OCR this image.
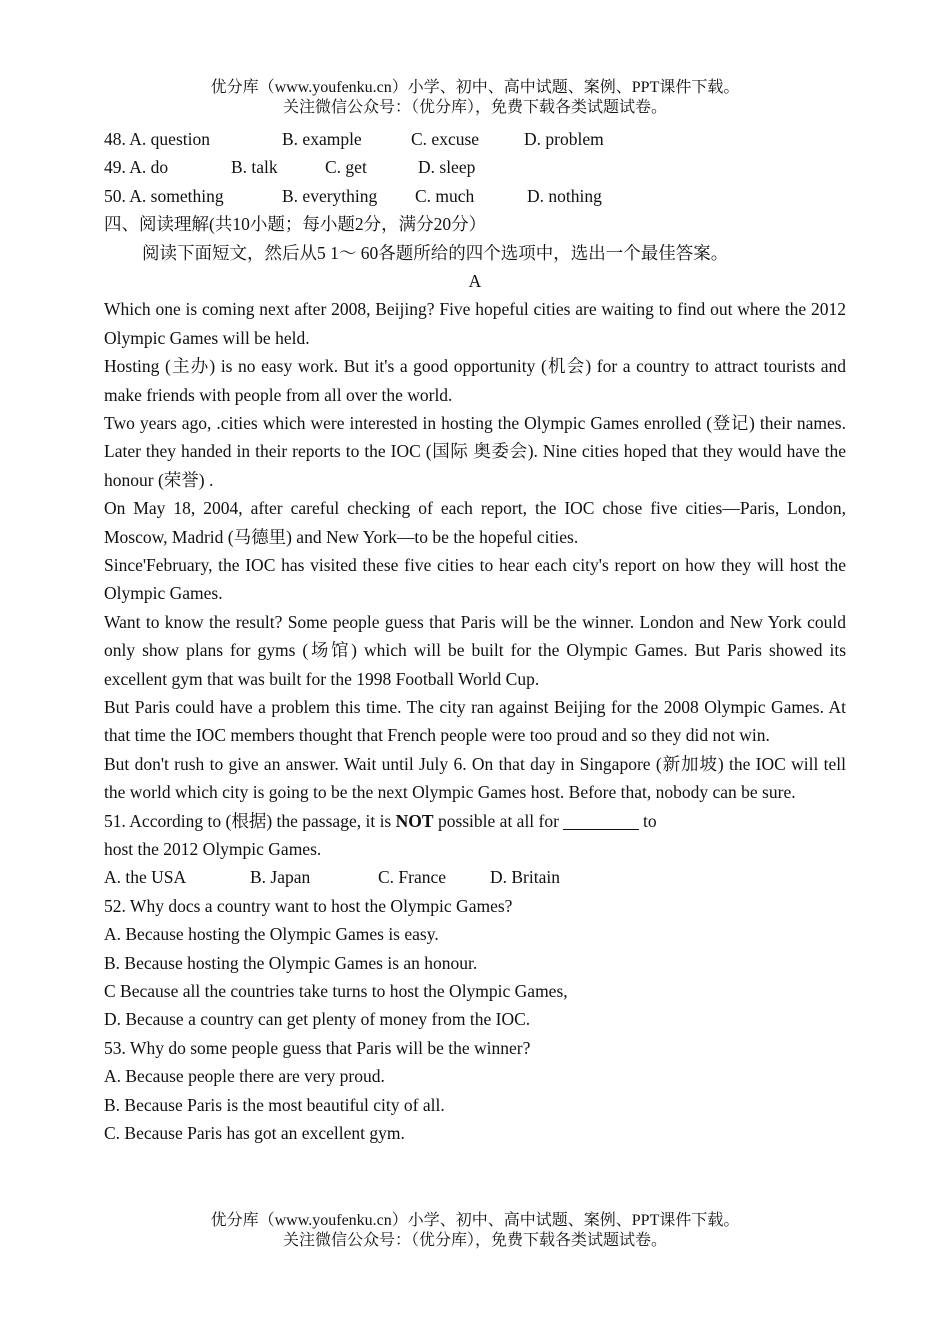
优分库（www.youfenku.cn）小学、初中、高中试题、案例、PPT课件下载。
关注微信公众号：（优分库），免费下载各类试题试卷。
48. A. question	B. example	C. excuse	D. problem
49. A. do	B. talk	C. get	D. sleep
50. A. something	B. everything C. much	D. nothing
四、阅读理解(共10小题；每小题2分，满分20分）
阅读下面短文，然后从5 1～ 60各题所给的四个选项中，选出一个最佳答案。
A
Which one is coming next after 2008, Beijing? Five hopeful cities are waiting to find out where the 2012 Olympic Games will be held.
Hosting (主办) is no easy work. But it's a good opportunity (机会) for a country to attract tourists and make friends with people from all over the world.
Two years ago, .cities which were interested in hosting the Olympic Games enrolled (登记) their names. Later they handed in their reports to the IOC (国际 奥委会). Nine cities hoped that they would have the honour (荣誉) .
On May 18, 2004, after careful checking of each report, the IOC chose five cities—Paris, London, Moscow, Madrid (马德里) and New York—to be the hopeful cities.
Since'February, the IOC has visited these five cities to hear each city's report on how they will host the Olympic Games.
Want to know the result? Some people guess that Paris will be the winner. London and New York could only show plans for gyms (场馆) which will be built for the Olympic Games. But Paris showed its excellent gym that was built for the 1998 Football World Cup.
But Paris could have a problem this time. The city ran against Beijing for the 2008 Olympic Games. At that time the IOC members thought that French people were too proud and so they did not win.
But don't rush to give an answer. Wait until July 6. On that day in Singapore (新加坡) the IOC will tell the world which city is going to be the next Olympic Games host. Before that, nobody can be sure.
51. According to (根据) the passage, it is NOT possible at all for	to
host the 2012 Olympic Games.
A. the USA	B. Japan	C. France	D. Britain
52. Why docs a country want to host the Olympic Games?
A. Because hosting the Olympic Games is easy.
B. Because hosting the Olympic Games is an honour.
C Because all the countries take turns to host the Olympic Games,
D. Because a country can get plenty of money from the IOC.
53. Why do some people guess that Paris will be the winner?
A. Because people there are very proud.
B. Because Paris is the most beautiful city of all.
C. Because Paris has got an excellent gym.
优分库（www.youfenku.cn）小学、初中、高中试题、案例、PPT课件下载。
关注微信公众号：（优分库），免费下载各类试题试卷。
